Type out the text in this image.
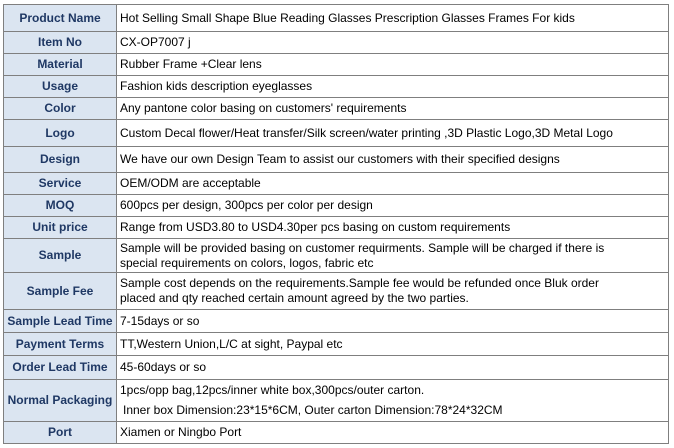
Product Name	Hot Selling Small Shape Blue Reading Glasses Prescription Glasses Frames For kids
Item No	CX-OP7007 j
Material	Rubber Frame +Clear lens
Usage	Fashion kids description eyeglasses
Color	Any pantone color basing on customers' requirements
Logo	Custom Decal flower/Heat transfer/Silk screen/water printing ,3D Plastic Logo,3D Metal Logo
Design	We have our own Design Team to assist our customers with their specified designs
Service	OEM/ODM are acceptable
MOQ	600pcs per design, 300pcs per color per design
Unit price	Range from USD3.80 to USD4.30per pcs basing on custom requirements
Sample	Sample will be provided basing on customer requirments. Sample will be charged if there is
special requirements on colors, logos, fabric etc

Sample Fee	Sample cost depends on the requirements.Sample fee would be refunded once Bluk order
placed and qty reached certain amount agreed by the two parties.

Sample Lead Time	7-15days or so
Payment Terms	TT,Western Union,L/C at sight, Paypal etc
Order Lead Time	45-60days or so
Normal Packaging	1pcs/opp bag,12pcs/inner white box,300pcs/outer carton.
Inner box Dimension:23*15*6CM, Outer carton Dimension:78*24*32CM

Port	Xiamen or Ningbo Port
